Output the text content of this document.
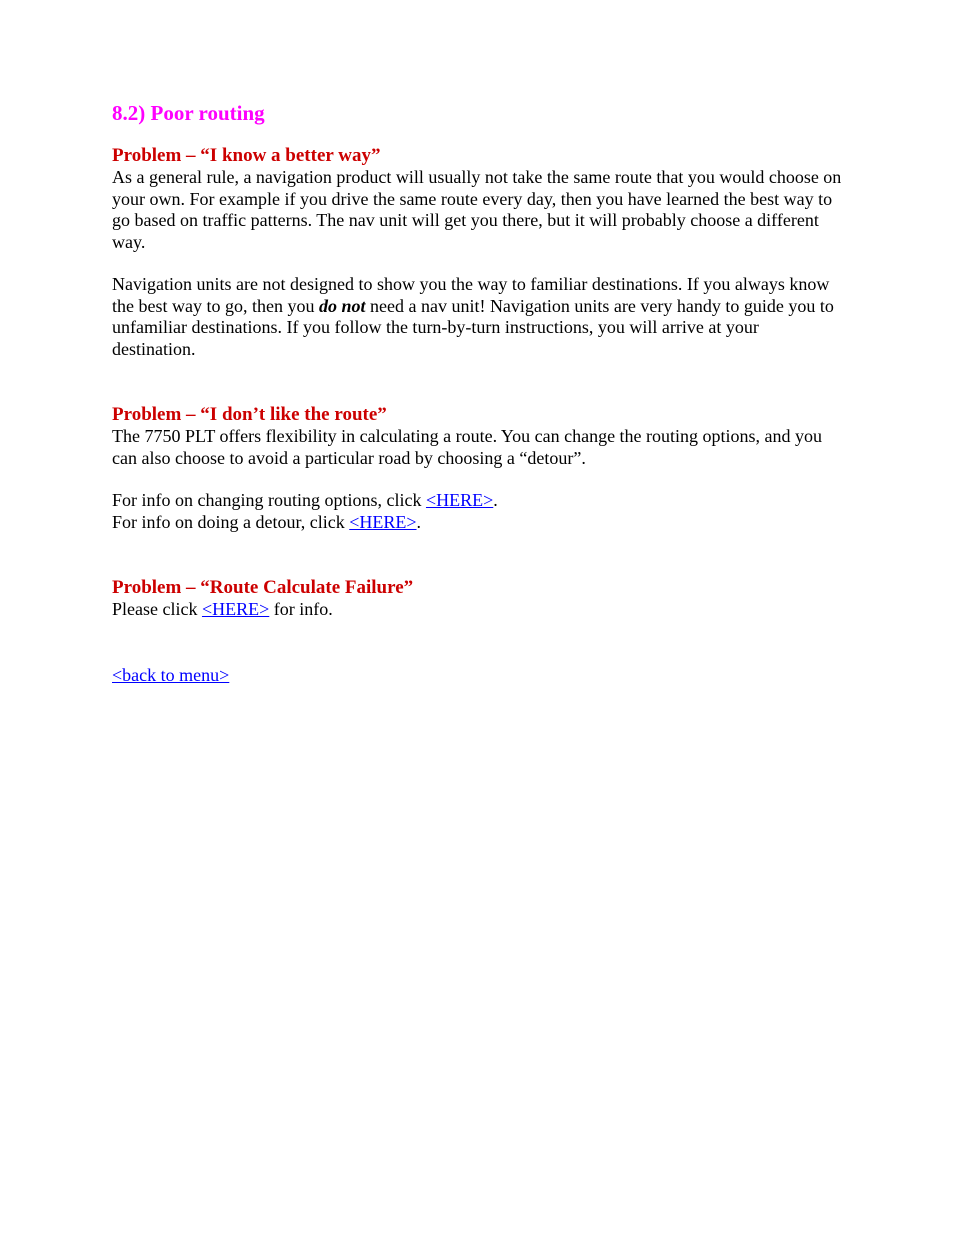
8.2) Poor routing
Problem – “I know a better way”

As a general rule, a navigation product will usually not take the same route that you would choose on your own. For example if you drive the same route every day, then you have learned the best way to go based on traffic patterns. The nav unit will get you there, but it will probably choose a different way.

Navigation units are not designed to show you the way to familiar destinations. If you always know the best way to go, then you do not need a nav unit! Navigation units are very handy to guide you to unfamiliar destinations. If you follow the turn-by-turn instructions, you will arrive at your destination.

Problem – “I don’t like the route”

The 7750 PLT offers flexibility in calculating a route. You can change the routing options, and you can also choose to avoid a particular road by choosing a “detour”.

For info on changing routing options, click <HERE>.

For info on doing a detour, click <HERE>.

Problem – “Route Calculate Failure”

Please click <HERE> for info.

<back to menu>
